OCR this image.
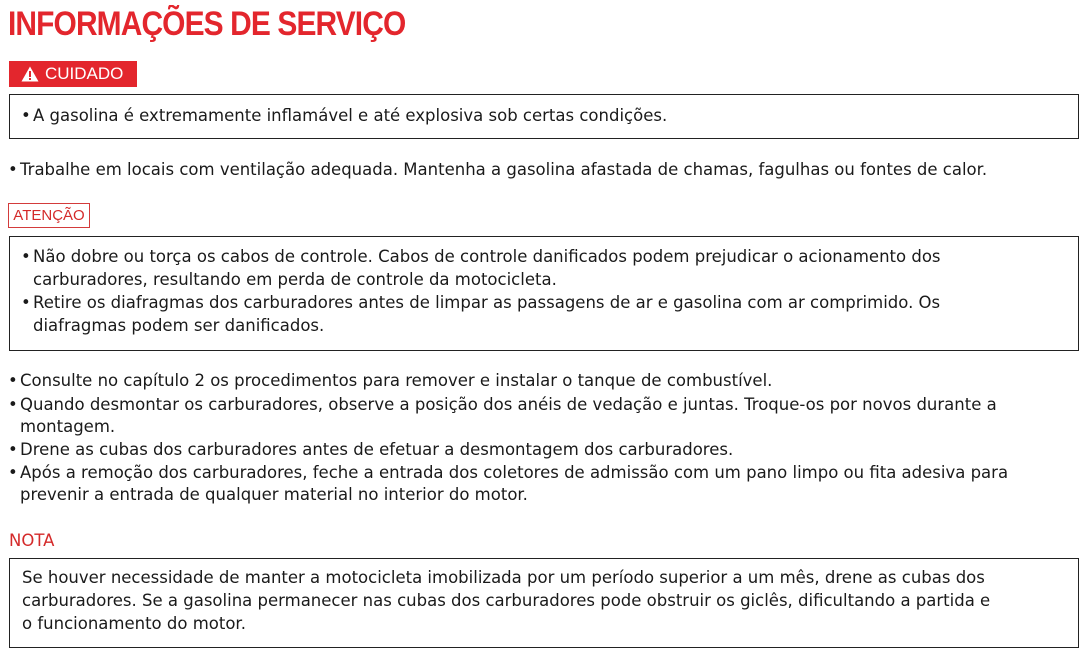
INFORMAÇÕES DE SERVIÇO
CUIDADO
• A gasolina é extremamente inflamável e até explosiva sob certas condições.
• Trabalhe em locais com ventilação adequada. Mantenha a gasolina afastada de chamas, fagulhas ou fontes de calor.
ATENÇÃO
• Não dobre ou torça os cabos de controle. Cabos de controle danificados podem prejudicar o acionamento dos
carburadores, resultando em perda de controle da motocicleta.
• Retire os diafragmas dos carburadores antes de limpar as passagens de ar e gasolina com ar comprimido. Os
diafragmas podem ser danificados.
• Consulte no capítulo 2 os procedimentos para remover e instalar o tanque de combustível.
• Quando desmontar os carburadores, observe a posição dos anéis de vedação e juntas. Troque-os por novos durante a
montagem.
• Drene as cubas dos carburadores antes de efetuar a desmontagem dos carburadores.
• Após a remoção dos carburadores, feche a entrada dos coletores de admissão com um pano limpo ou fita adesiva para
prevenir a entrada de qualquer material no interior do motor.
NOTA
Se houver necessidade de manter a motocicleta imobilizada por um período superior a um mês, drene as cubas dos
carburadores. Se a gasolina permanecer nas cubas dos carburadores pode obstruir os giclês, dificultando a partida e
o funcionamento do motor.
